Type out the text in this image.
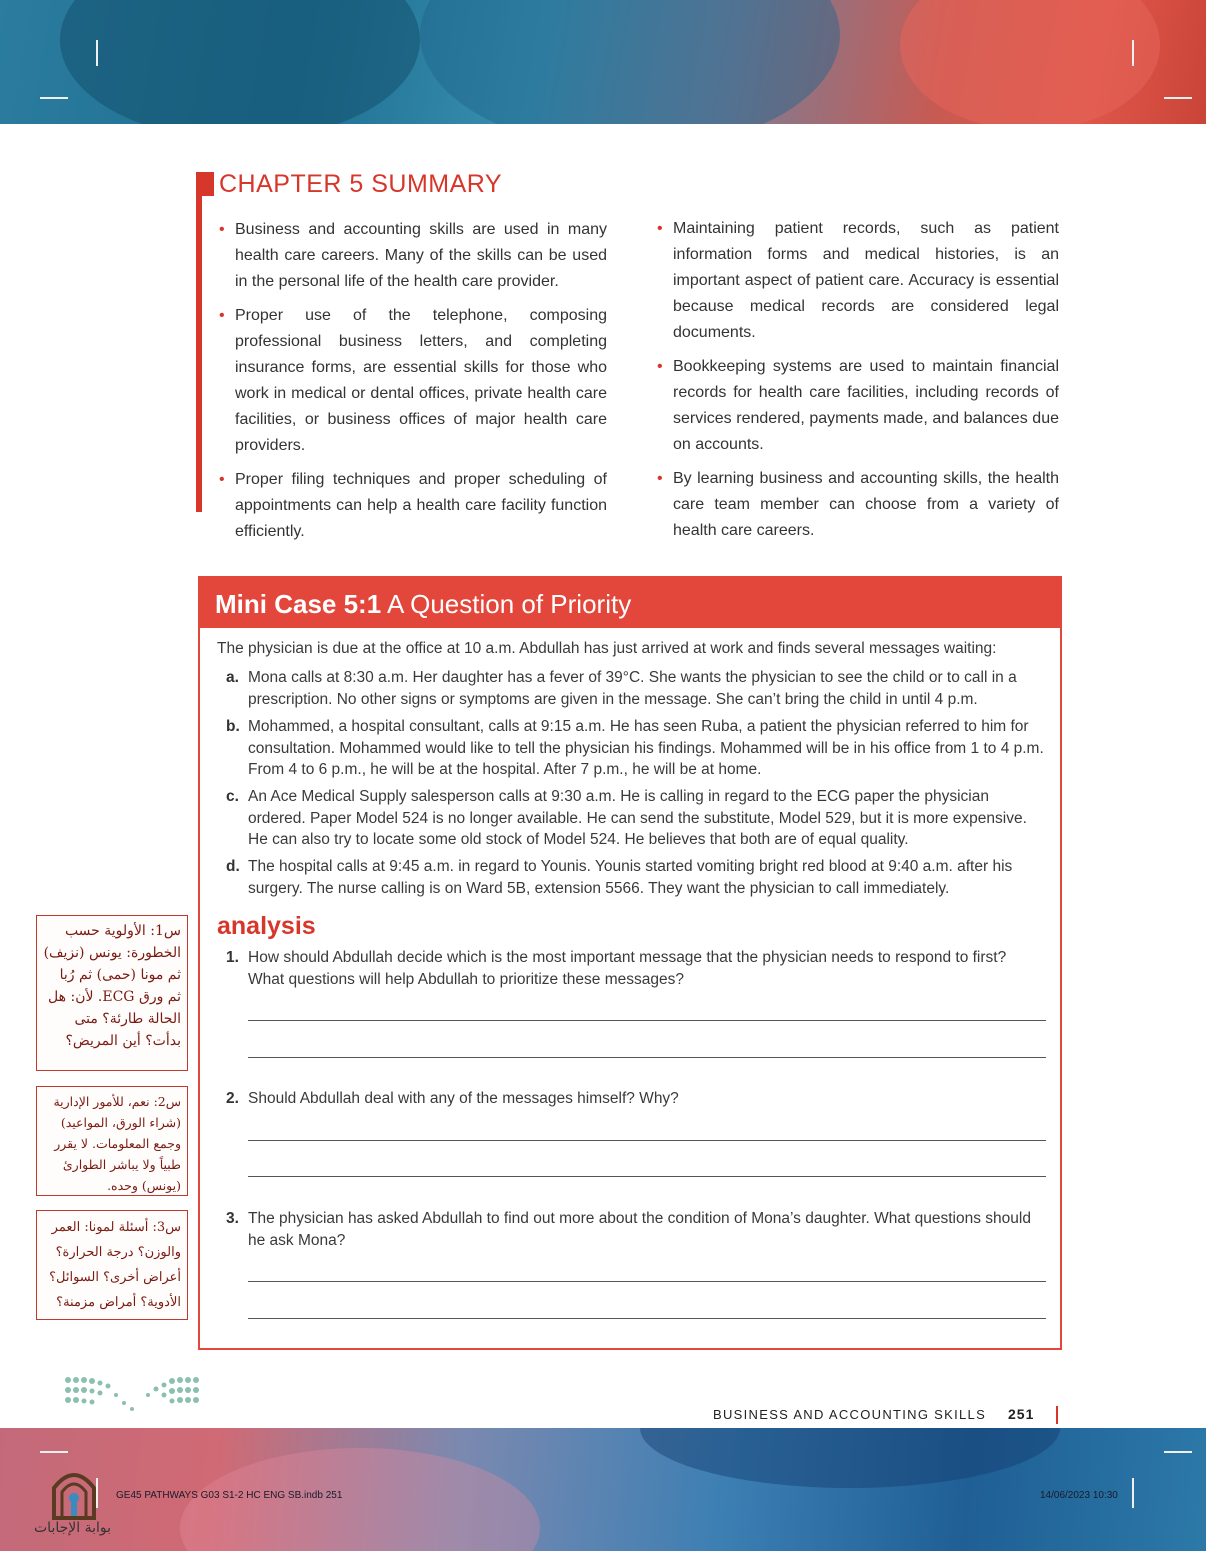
CHAPTER 5 SUMMARY
• Business and accounting skills are used in many health care careers. Many of the skills can be used in the personal life of the health care provider.
• Proper use of the telephone, composing professional business letters, and completing insurance forms, are essential skills for those who work in medical or dental offices, private health care facilities, or business offices of major health care providers.
• Proper filing techniques and proper scheduling of appointments can help a health care facility function efficiently.
• Maintaining patient records, such as patient information forms and medical histories, is an important aspect of patient care. Accuracy is essential because medical records are considered legal documents.
• Bookkeeping systems are used to maintain financial records for health care facilities, including records of services rendered, payments made, and balances due on accounts.
• By learning business and accounting skills, the health care team member can choose from a variety of health care careers.
Mini Case 5:1 A Question of Priority
The physician is due at the office at 10 a.m. Abdullah has just arrived at work and finds several messages waiting:
a. Mona calls at 8:30 a.m. Her daughter has a fever of 39°C. She wants the physician to see the child or to call in a prescription. No other signs or symptoms are given in the message. She can’t bring the child in until 4 p.m.
b. Mohammed, a hospital consultant, calls at 9:15 a.m. He has seen Ruba, a patient the physician referred to him for consultation. Mohammed would like to tell the physician his findings. Mohammed will be in his office from 1 to 4 p.m. From 4 to 6 p.m., he will be at the hospital. After 7 p.m., he will be at home.
c. An Ace Medical Supply salesperson calls at 9:30 a.m. He is calling in regard to the ECG paper the physician ordered. Paper Model 524 is no longer available. He can send the substitute, Model 529, but it is more expensive. He can also try to locate some old stock of Model 524. He believes that both are of equal quality.
d. The hospital calls at 9:45 a.m. in regard to Younis. Younis started vomiting bright red blood at 9:40 a.m. after his surgery. The nurse calling is on Ward 5B, extension 5566. They want the physician to call immediately.
analysis
1. How should Abdullah decide which is the most important message that the physician needs to respond to first? What questions will help Abdullah to prioritize these messages?
2. Should Abdullah deal with any of the messages himself? Why?
3. The physician has asked Abdullah to find out more about the condition of Mona’s daughter. What questions should he ask Mona?
س1: الأولوية حسب الخطورة: يونس (نزيف) ثم مونا (حمى) ثم رُبا ثم ورق ECG. لأن: هل الحالة طارئة؟ متى بدأت؟ أين المريض؟
س2: نعم، للأمور الإدارية (شراء الورق، المواعيد) وجمع المعلومات. لا يقرر طبياً ولا يباشر الطوارئ (يونس) وحده.
س3: أسئلة لمونا: العمر والوزن؟ درجة الحرارة؟ أعراض أخرى؟ السوائل؟ الأدوية؟ أمراض مزمنة؟
BUSINESS AND ACCOUNTING SKILLS 251
GE45 PATHWAYS G03 S1-2 HC ENG SB.indb 251	14/06/2023 10:30
بوابة الإجابات
